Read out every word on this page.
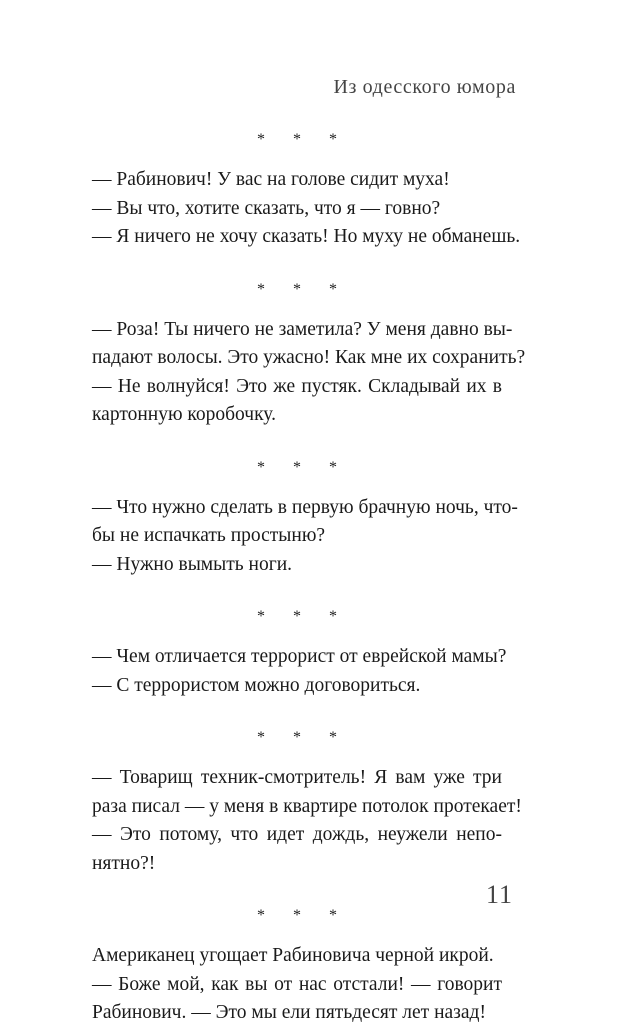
Из одесского юмора
* * *
— Рабинович! У вас на голове сидит муха!
— Вы что, хотите сказать, что я — говно?
— Я ничего не хочу сказать! Но муху не обманешь.
* * *
— Роза! Ты ничего не заметила? У меня давно вы-
падают волосы. Это ужасно! Как мне их сохранить?
— Не волнуйся! Это же пустяк. Складывай их в
картонную коробочку.
* * *
— Что нужно сделать в первую брачную ночь, что-
бы не испачкать простыню?
— Нужно вымыть ноги.
* * *
— Чем отличается террорист от еврейской мамы?
— С террористом можно договориться.
* * *
— Товарищ техник-смотритель! Я вам уже три
раза писал — у меня в квартире потолок протекает!
— Это потому, что идет дождь, неужели непо-
нятно?!
* * *
Американец угощает Рабиновича черной икрой.
— Боже мой, как вы от нас отстали! — говорит
Рабинович. — Это мы ели пятьдесят лет назад!
11
